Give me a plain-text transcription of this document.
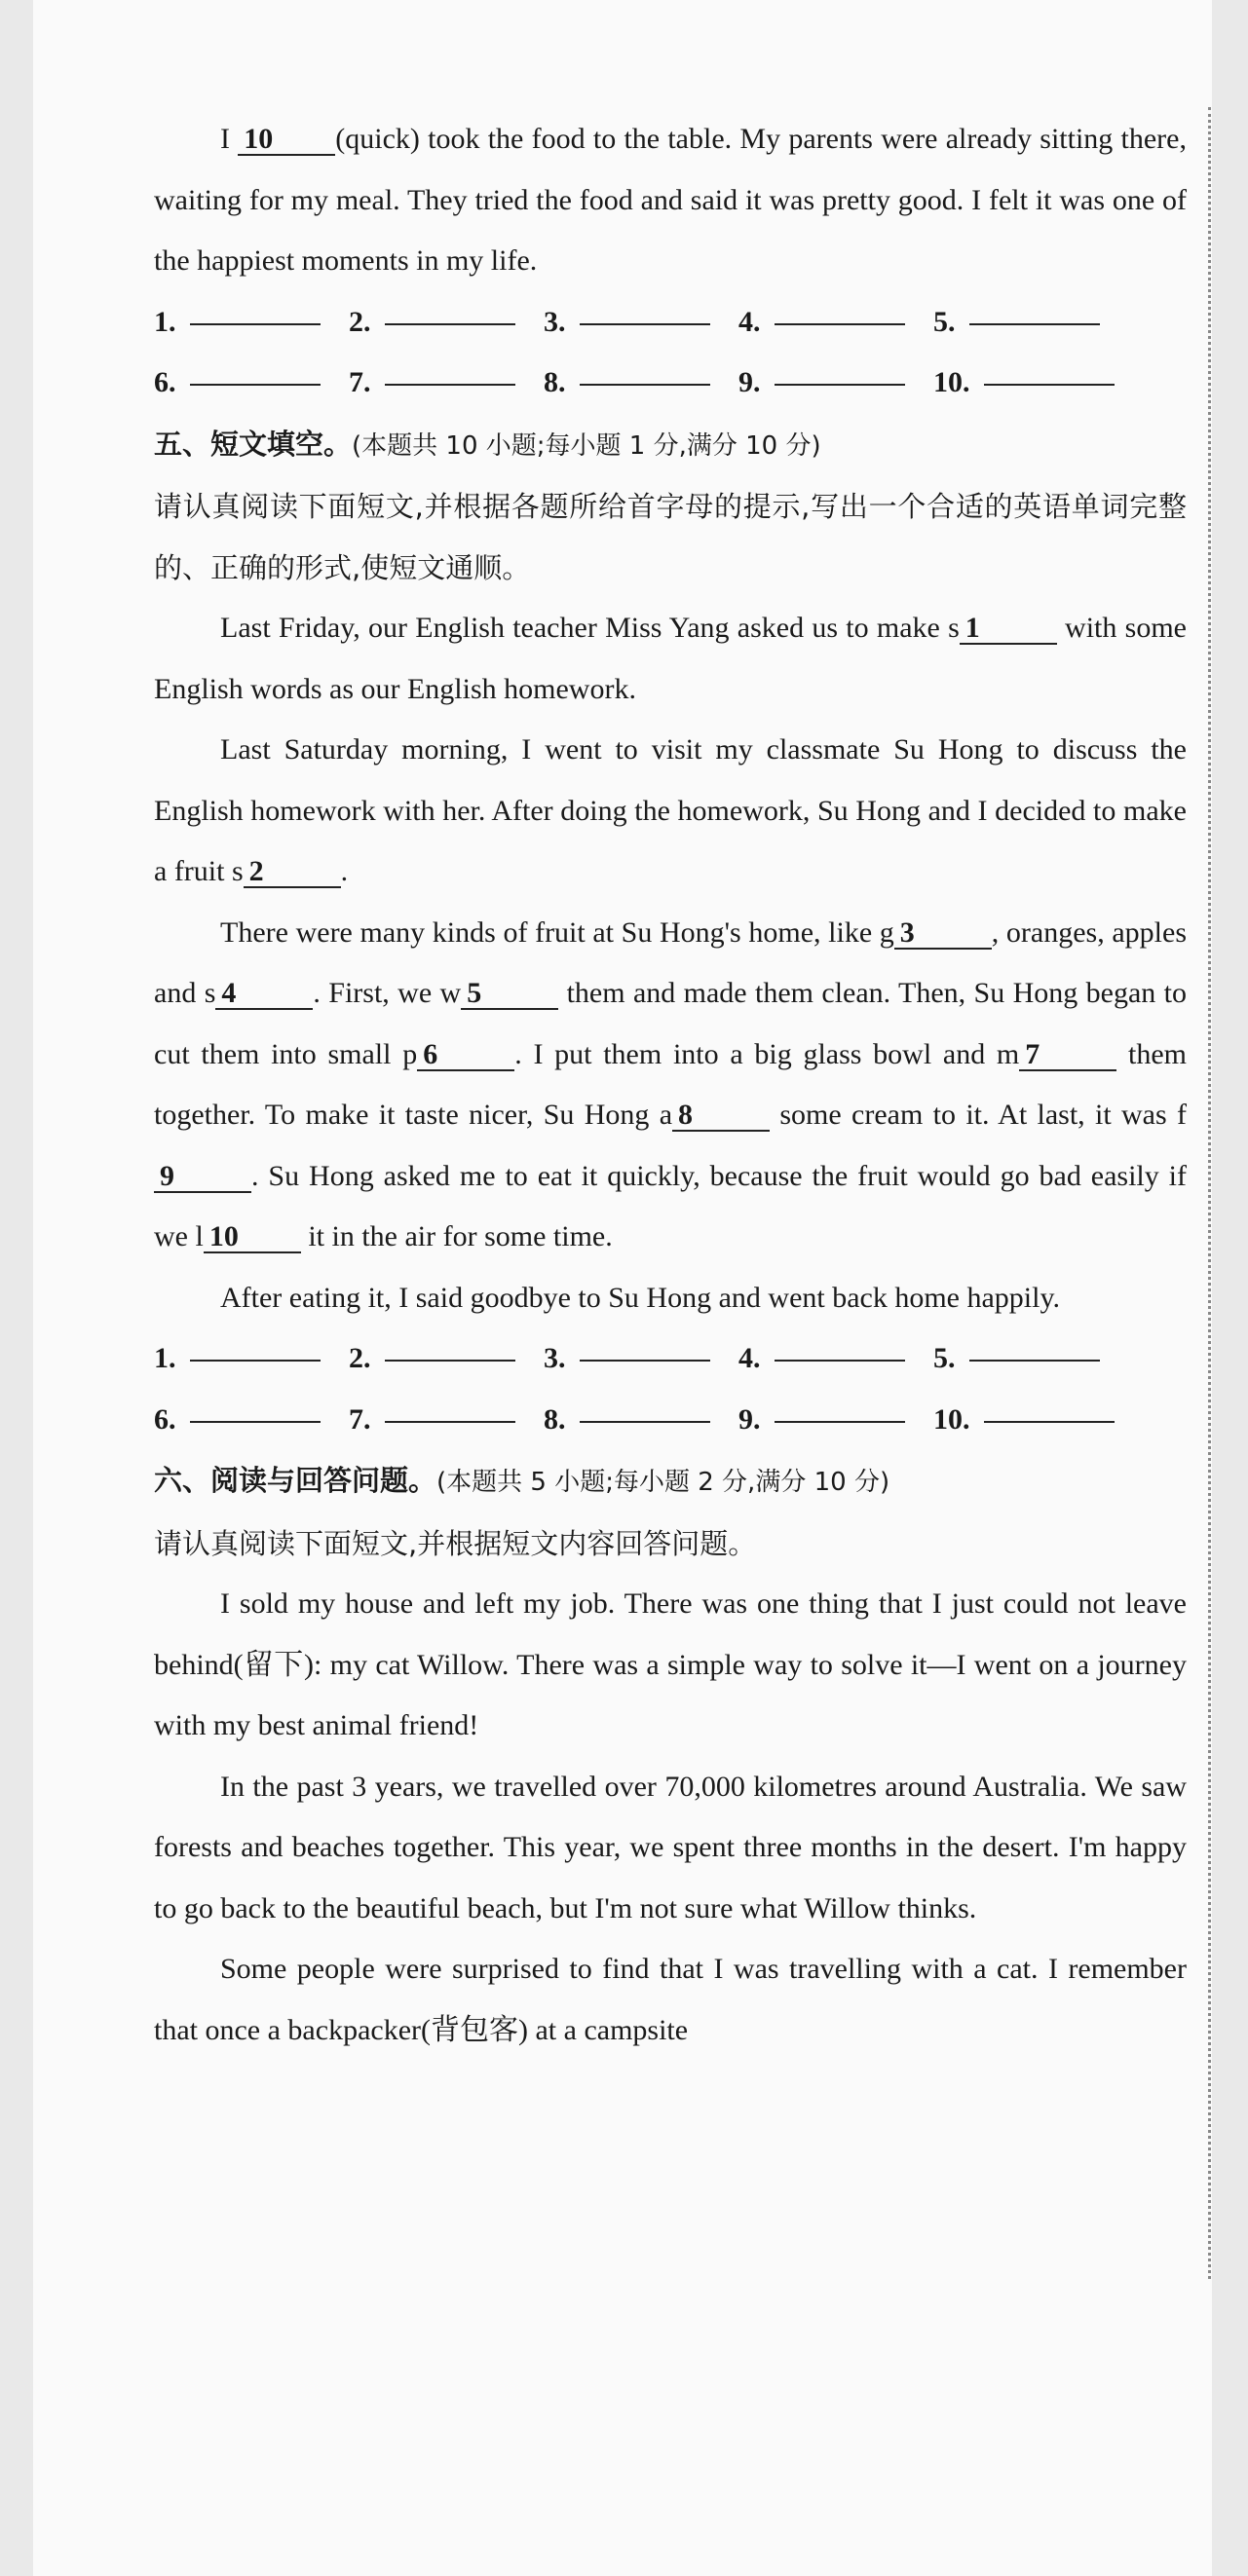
I 10 (quick) took the food to the table. My parents were already sitting there, waiting for my meal. They tried the food and said it was pretty good. I felt it was one of the happiest moments in my life.

1.	2.	3.	4.	5.
6.	7.	8.	9.	10.

五、短文填空。(本题共 10 小题;每小题 1 分,满分 10 分)

请认真阅读下面短文,并根据各题所给首字母的提示,写出一个合适的英语单词完整的、正确的形式,使短文通顺。

Last Friday, our English teacher Miss Yang asked us to make s 1	with some English words as our English homework.

Last Saturday morning, I went to visit my classmate Su Hong to discuss the English homework with her. After doing the homework, Su Hong and I decided to make a fruit s 2	.

There were many kinds of fruit at Su Hong's home, like g 3	, oranges, apples and s 4	. First, we w 5	them and made them clean. Then, Su Hong began to cut them into small p 6	. I put them into a big glass bowl and m 7	them together. To make it taste nicer, Su Hong a 8	some cream to it. At last, it was f9	. Su Hong asked me to eat it quickly, because the fruit would go bad easily if we l 10 it in the air for some time.

After eating it, I said goodbye to Su Hong and went back home happily.

1.	2.	3.	4.	5.
6.	7.	8.	9.	10.

六、阅读与回答问题。(本题共 5 小题;每小题 2 分,满分 10 分)

请认真阅读下面短文,并根据短文内容回答问题。

I sold my house and left my job. There was one thing that I just could not leave behind(留下): my cat Willow. There was a simple way to solve it—I went on a journey with my best animal friend!

In the past 3 years, we travelled over 70,000 kilometres around Australia. We saw forests and beaches together. This year, we spent three months in the desert. I'm happy to go back to the beautiful beach, but I'm not sure what Willow thinks.

Some people were surprised to find that I was travelling with a cat. I remember that once a backpacker(背包客) at a campsite
